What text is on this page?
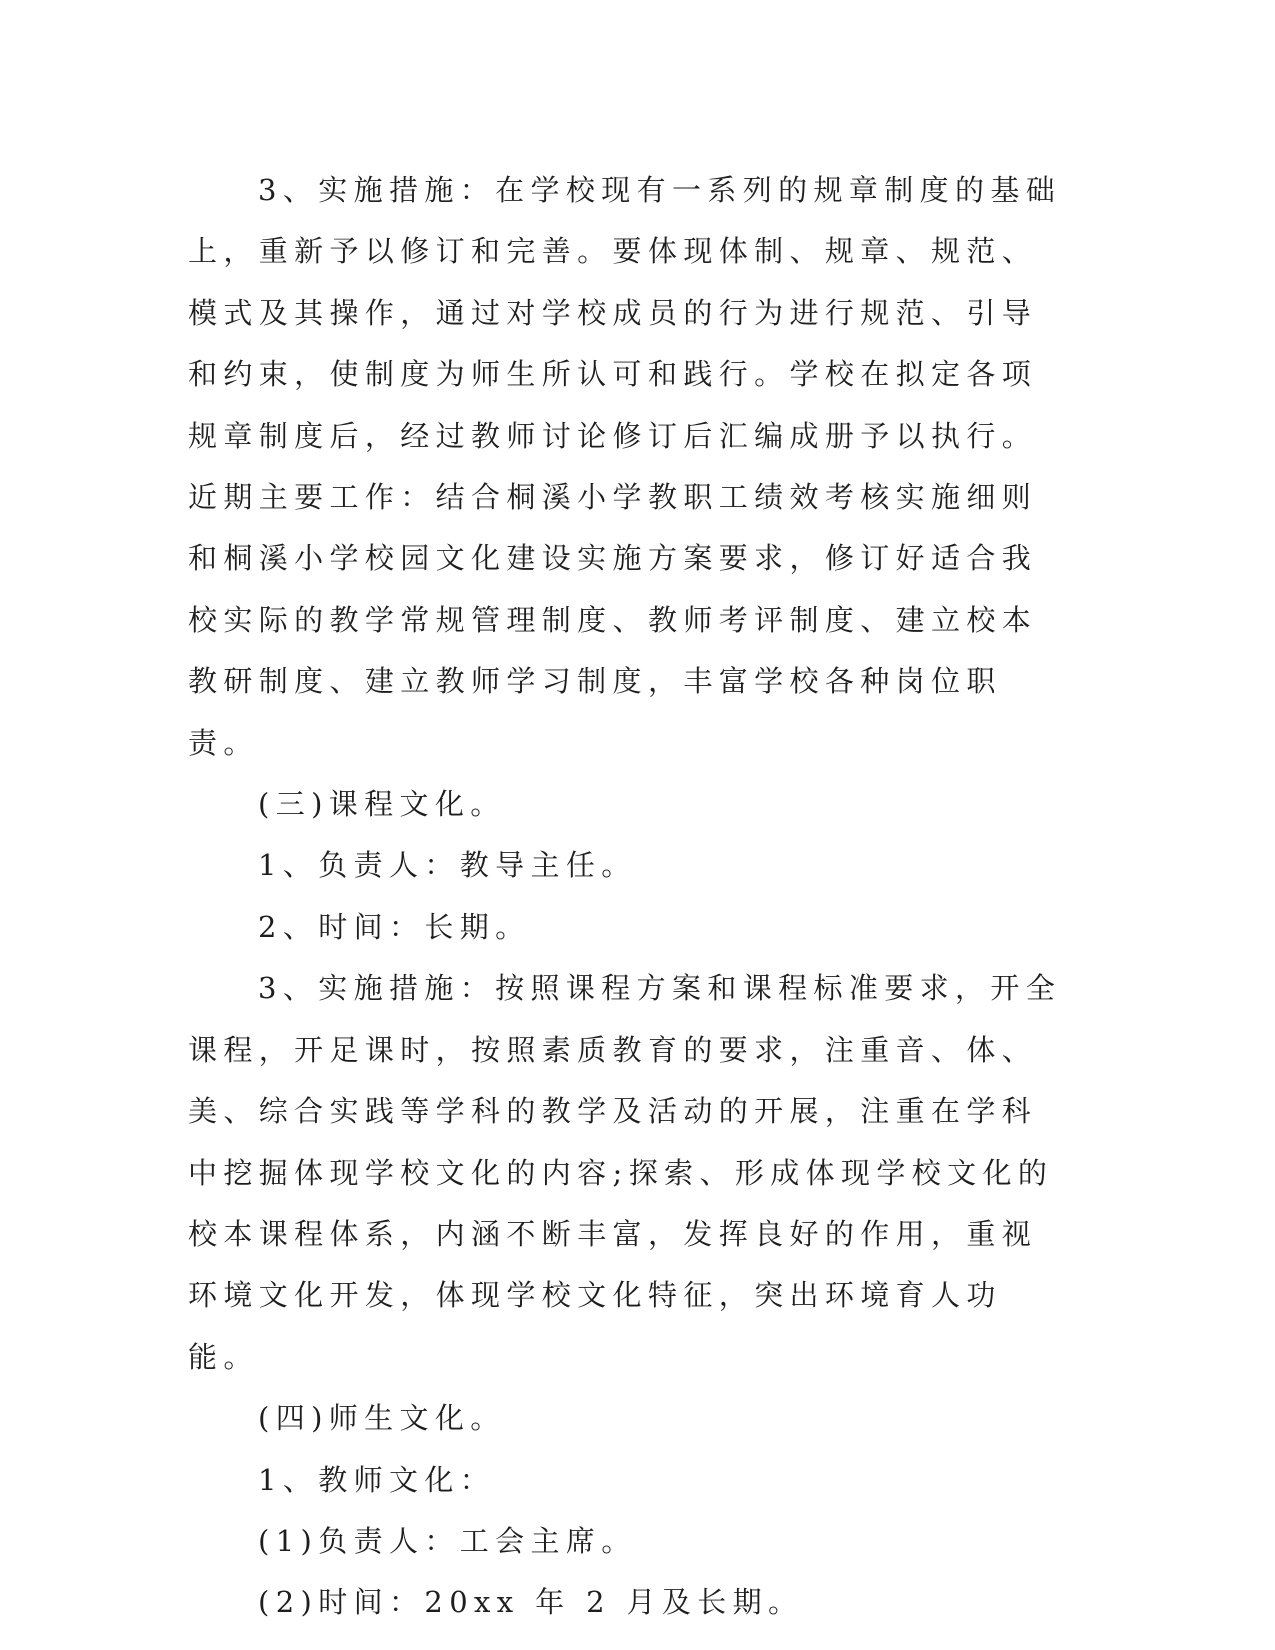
3、实施措施：在学校现有一系列的规章制度的基础上，重新予以修订和完善。要体现体制、规章、规范、模式及其操作，通过对学校成员的行为进行规范、引导和约束，使制度为师生所认可和践行。学校在拟定各项规章制度后，经过教师讨论修订后汇编成册予以执行。近期主要工作：结合桐溪小学教职工绩效考核实施细则和桐溪小学校园文化建设实施方案要求，修订好适合我校实际的教学常规管理制度、教师考评制度、建立校本教研制度、建立教师学习制度，丰富学校各种岗位职责。

(三)课程文化。

1、负责人：教导主任。

2、时间：长期。

3、实施措施：按照课程方案和课程标准要求，开全课程，开足课时，按照素质教育的要求，注重音、体、美、综合实践等学科的教学及活动的开展，注重在学科中挖掘体现学校文化的内容;探索、形成体现学校文化的校本课程体系，内涵不断丰富，发挥良好的作用，重视环境文化开发，体现学校文化特征，突出环境育人功能。

(四)师生文化。

1、教师文化：

(1)负责人：工会主席。

(2)时间：20xx 年 2 月及长期。
